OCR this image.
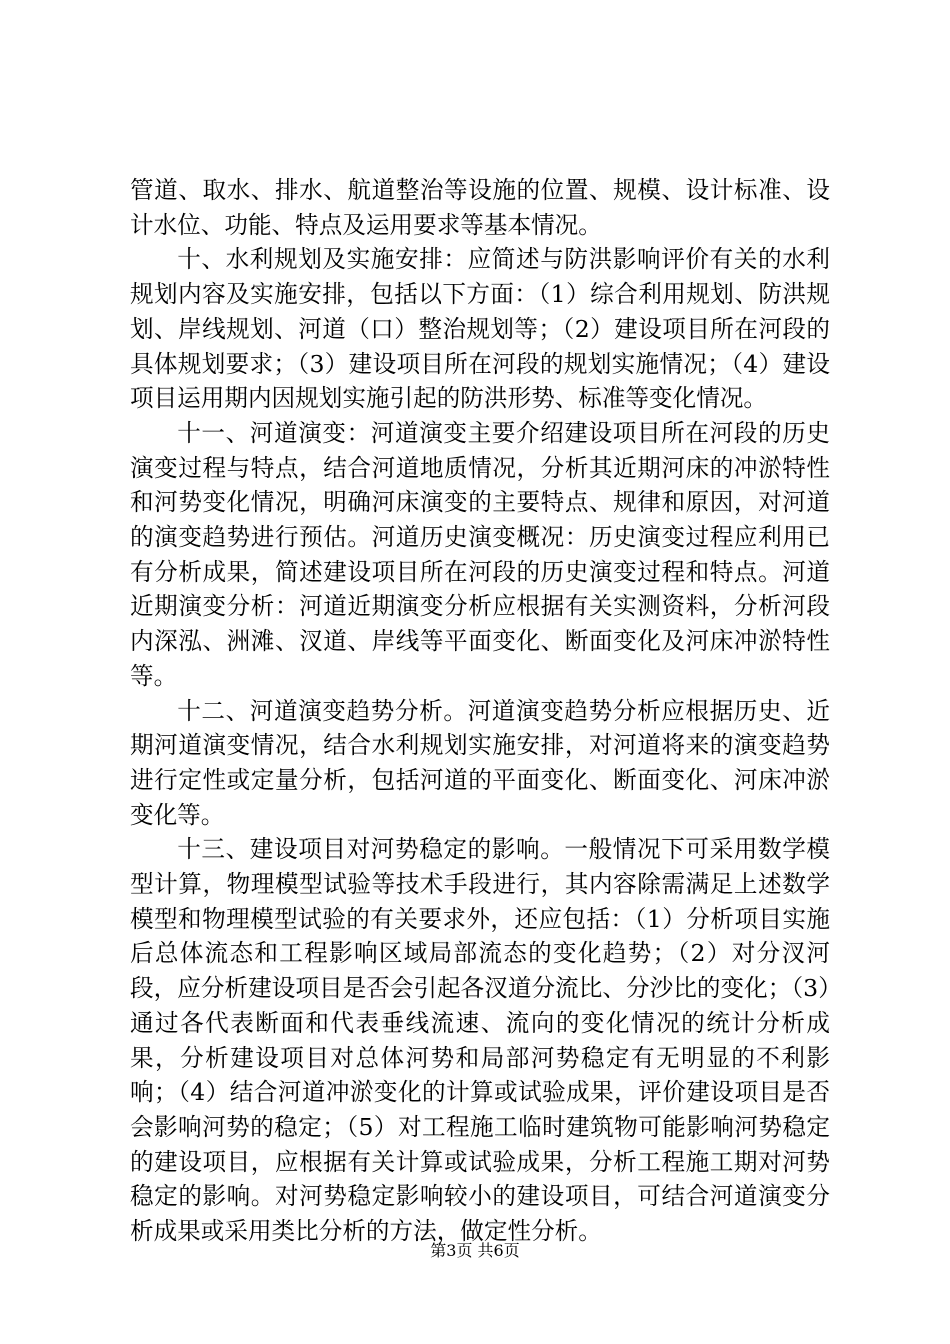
管道、取水、排水、航道整治等设施的位置、规模、设计标准、设计水位、功能、特点及运用要求等基本情况。

十、水利规划及实施安排：应简述与防洪影响评价有关的水利规划内容及实施安排，包括以下方面：（1）综合利用规划、防洪规划、岸线规划、河道（口）整治规划等；（2）建设项目所在河段的具体规划要求；（3）建设项目所在河段的规划实施情况；（4）建设项目运用期内因规划实施引起的防洪形势、标准等变化情况。

十一、河道演变：河道演变主要介绍建设项目所在河段的历史演变过程与特点，结合河道地质情况，分析其近期河床的冲淤特性和河势变化情况，明确河床演变的主要特点、规律和原因，对河道的演变趋势进行预估。河道历史演变概况：历史演变过程应利用已有分析成果，简述建设项目所在河段的历史演变过程和特点。河道近期演变分析：河道近期演变分析应根据有关实测资料，分析河段内深泓、洲滩、汊道、岸线等平面变化、断面变化及河床冲淤特性等。

十二、河道演变趋势分析。河道演变趋势分析应根据历史、近期河道演变情况，结合水利规划实施安排，对河道将来的演变趋势进行定性或定量分析，包括河道的平面变化、断面变化、河床冲淤变化等。

十三、建设项目对河势稳定的影响。一般情况下可采用数学模型计算，物理模型试验等技术手段进行，其内容除需满足上述数学模型和物理模型试验的有关要求外，还应包括：（1）分析项目实施后总体流态和工程影响区域局部流态的变化趋势；（2）对分汊河段，应分析建设项目是否会引起各汊道分流比、分沙比的变化；（3）通过各代表断面和代表垂线流速、流向的变化情况的统计分析成果，分析建设项目对总体河势和局部河势稳定有无明显的不利影响；（4）结合河道冲淤变化的计算或试验成果，评价建设项目是否会影响河势的稳定；（5）对工程施工临时建筑物可能影响河势稳定的建设项目，应根据有关计算或试验成果，分析工程施工期对河势稳定的影响。对河势稳定影响较小的建设项目，可结合河道演变分析成果或采用类比分析的方法，做定性分析。

第3页 共6页
